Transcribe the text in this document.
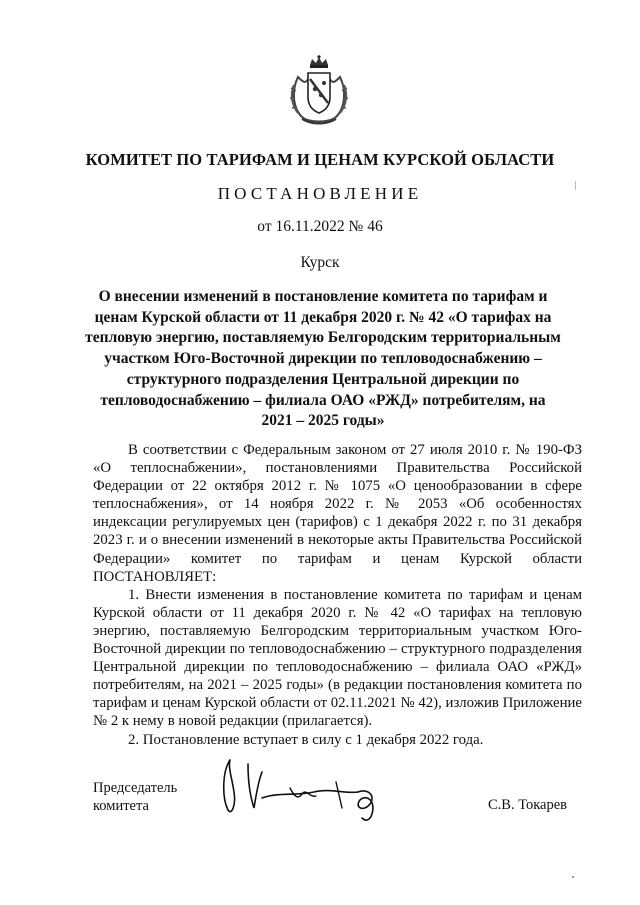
КОМИТЕТ ПО ТАРИФАМ И ЦЕНАМ КУРСКОЙ ОБЛАСТИ
ПОСТАНОВЛЕНИЕ
от 16.11.2022 № 46
Курск
О внесении изменений в постановление комитета по тарифам и ценам Курской области от 11 декабря 2020 г. № 42 «О тарифах на тепловую энергию, поставляемую Белгородским территориальным участком Юго-Восточной дирекции по тепловодоснабжению – структурного подразделения Центральной дирекции по тепловодоснабжению – филиала ОАО «РЖД» потребителям, на 2021 – 2025 годы»

В соответствии с Федеральным законом от 27 июля 2010 г. № 190-ФЗ «О теплоснабжении», постановлениями Правительства Российской Федерации от 22 октября 2012 г. № 1075 «О ценообразовании в сфере теплоснабжения», от 14 ноября 2022 г. № 2053 «Об особенностях индексации регулируемых цен (тарифов) с 1 декабря 2022 г. по 31 декабря 2023 г. и о внесении изменений в некоторые акты Правительства Российской Федерации» комитет по тарифам и ценам Курской области ПОСТАНОВЛЯЕТ:

1. Внести изменения в постановление комитета по тарифам и ценам Курской области от 11 декабря 2020 г. № 42 «О тарифах на тепловую энергию, поставляемую Белгородским территориальным участком Юго-Восточной дирекции по тепловодоснабжению – структурного подразделения Центральной дирекции по тепловодоснабжению – филиала ОАО «РЖД» потребителям, на 2021 – 2025 годы» (в редакции постановления комитета по тарифам и ценам Курской области от 02.11.2021 № 42), изложив Приложение № 2 к нему в новой редакции (прилагается).

2. Постановление вступает в силу с 1 декабря 2022 года.

Председатель
комитета	С.В. Токарев
